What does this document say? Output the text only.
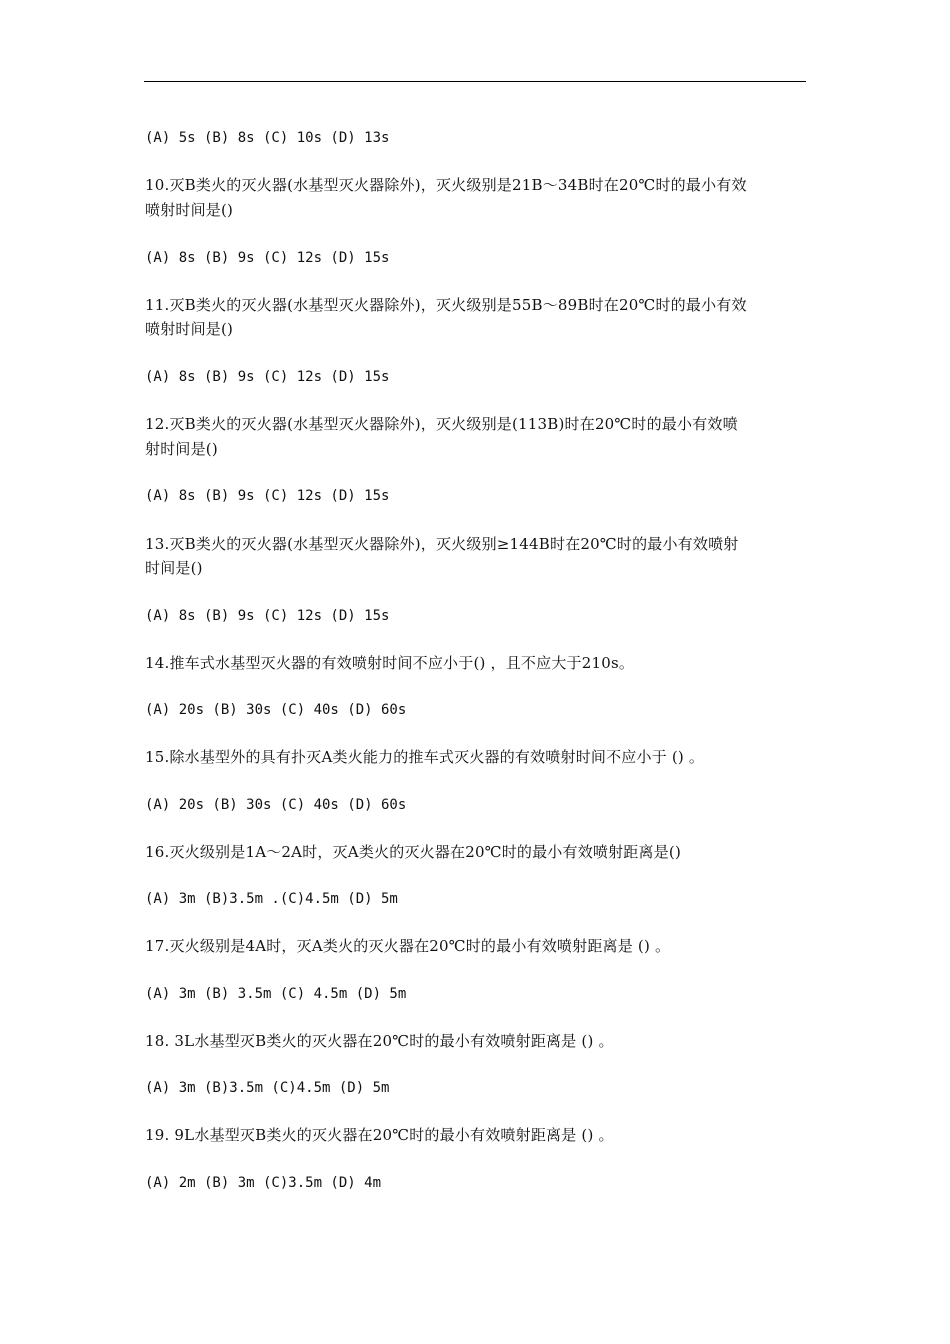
(A) 5s (B) 8s (C) 10s (D) 13s
10.灭B类火的灭火器(水基型灭火器除外)，灭火级别是21B～34B时在20℃时的最小有效
喷射时间是()
(A) 8s (B) 9s (C) 12s (D) 15s
11.灭B类火的灭火器(水基型灭火器除外)，灭火级别是55B～89B时在20℃时的最小有效
喷射时间是()
(A) 8s (B) 9s (C) 12s (D) 15s
12.灭B类火的灭火器(水基型灭火器除外)，灭火级别是(113B)时在20℃时的最小有效喷
射时间是()
(A) 8s (B) 9s (C) 12s (D) 15s
13.灭B类火的灭火器(水基型灭火器除外)，灭火级别≥144B时在20℃时的最小有效喷射
时间是()
(A) 8s (B) 9s (C) 12s (D) 15s
14.推车式水基型灭火器的有效喷射时间不应小于() ，且不应大于210s。
(A) 20s (B) 30s (C) 40s (D) 60s
15.除水基型外的具有扑灭A类火能力的推车式灭火器的有效喷射时间不应小于 () 。
(A) 20s (B) 30s (C) 40s (D) 60s
16.灭火级别是1A～2A时，灭A类火的灭火器在20℃时的最小有效喷射距离是()
(A) 3m (B)3.5m .(C)4.5m (D) 5m
17.灭火级别是4A时，灭A类火的灭火器在20℃时的最小有效喷射距离是 () 。
(A) 3m (B) 3.5m (C) 4.5m (D) 5m
18. 3L水基型灭B类火的灭火器在20℃时的最小有效喷射距离是 () 。
(A) 3m (B)3.5m (C)4.5m (D) 5m
19. 9L水基型灭B类火的灭火器在20℃时的最小有效喷射距离是 () 。
(A) 2m (B) 3m (C)3.5m (D) 4m
